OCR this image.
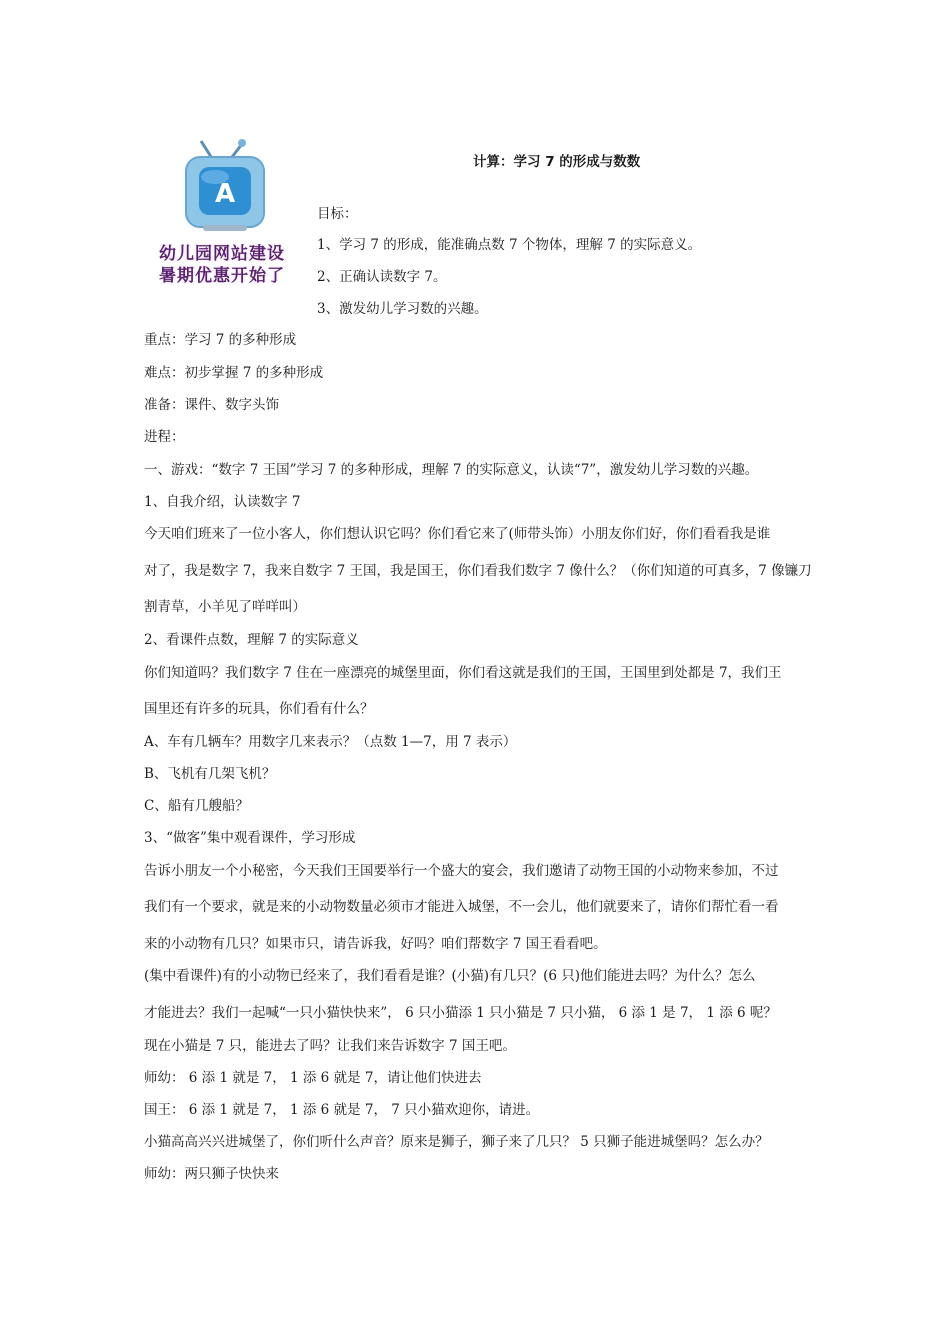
A
幼儿园网站建设
暑期优惠开始了
计算：学习 7 的形成与数数
目标：
1、学习 7 的形成，能准确点数 7 个物体，理解 7 的实际意义。
2、正确认读数字 7。
3、激发幼儿学习数的兴趣。
重点：学习 7 的多种形成
难点：初步掌握 7 的多种形成
准备：课件、数字头饰
进程：
一、游戏：“数字 7 王国”学习 7 的多种形成，理解 7 的实际意义，认读“7”，激发幼儿学习数的兴趣。
1、自我介绍，认读数字 7
今天咱们班来了一位小客人，你们想认识它吗？你们看它来了(师带头饰）小朋友你们好，你们看看我是谁
对了，我是数字 7，我来自数字 7 王国，我是国王，你们看我们数字 7 像什么？（你们知道的可真多，7 像镰刀
割青草，小羊见了咩咩叫）
2、看课件点数，理解 7 的实际意义
你们知道吗？我们数字 7 住在一座漂亮的城堡里面，你们看这就是我们的王国，王国里到处都是 7，我们王
国里还有许多的玩具，你们看有什么？
A、车有几辆车？用数字几来表示？（点数 1—7，用 7 表示）
B、飞机有几架飞机？
C、船有几艘船？
3、“做客”集中观看课件，学习形成
告诉小朋友一个小秘密，今天我们王国要举行一个盛大的宴会，我们邀请了动物王国的小动物来参加，不过
我们有一个要求，就是来的小动物数量必须市才能进入城堡，不一会儿，他们就要来了，请你们帮忙看一看
来的小动物有几只？如果市只，请告诉我，好吗？咱们帮数字 7 国王看看吧。
(集中看课件)有的小动物已经来了，我们看看是谁？(小猫)有几只？(6 只)他们能进去吗？为什么？怎么
才能进去？我们一起喊“一只小猫快快来”， 6 只小猫添 1 只小猫是 7 只小猫， 6 添 1 是 7， 1 添 6 呢？
现在小猫是 7 只，能进去了吗？让我们来告诉数字 7 国王吧。
师幼： 6 添 1 就是 7， 1 添 6 就是 7，请让他们快进去
国王： 6 添 1 就是 7， 1 添 6 就是 7， 7 只小猫欢迎你，请进。
小猫高高兴兴进城堡了，你们听什么声音？原来是狮子，狮子来了几只？ 5 只狮子能进城堡吗？怎么办？
师幼：两只狮子快快来
